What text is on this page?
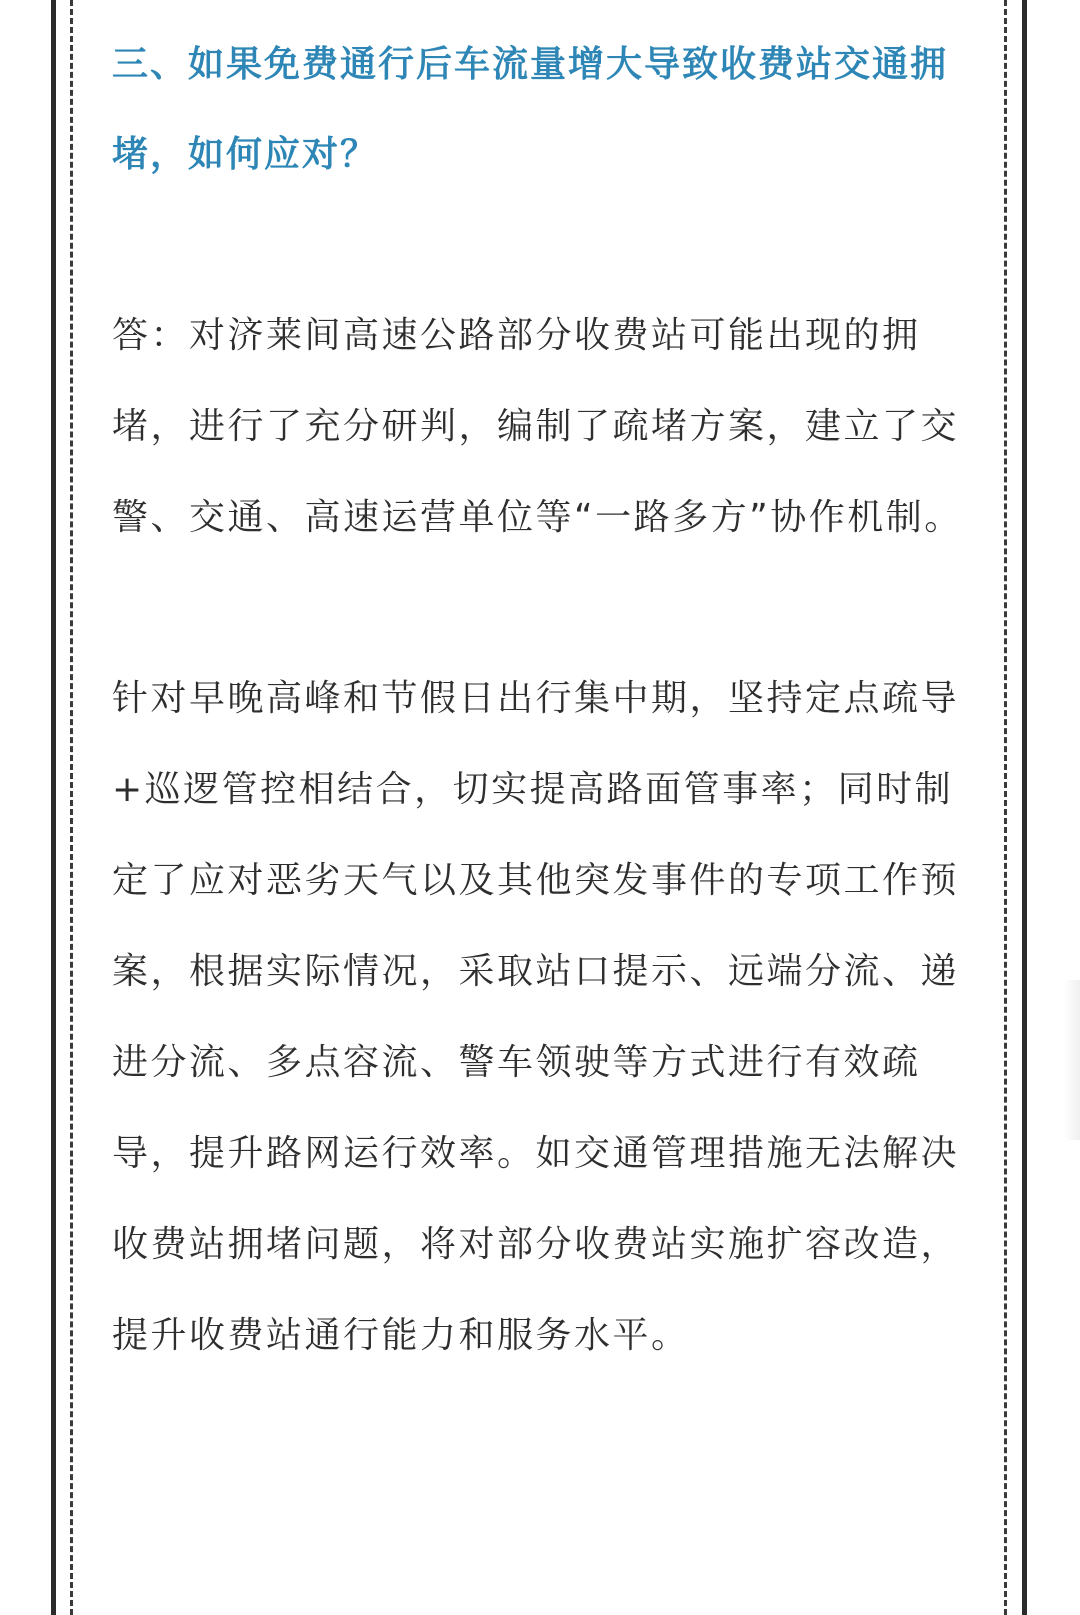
三、如果免费通行后车流量增大导致收费站交通拥堵，如何应对？

答：对济莱间高速公路部分收费站可能出现的拥堵，进行了充分研判，编制了疏堵方案，建立了交警、交通、高速运营单位等“一路多方”协作机制。

针对早晚高峰和节假日出行集中期，坚持定点疏导+巡逻管控相结合，切实提高路面管事率；同时制定了应对恶劣天气以及其他突发事件的专项工作预案，根据实际情况，采取站口提示、远端分流、递进分流、多点容流、警车领驶等方式进行有效疏导，提升路网运行效率。如交通管理措施无法解决收费站拥堵问题，将对部分收费站实施扩容改造，提升收费站通行能力和服务水平。
